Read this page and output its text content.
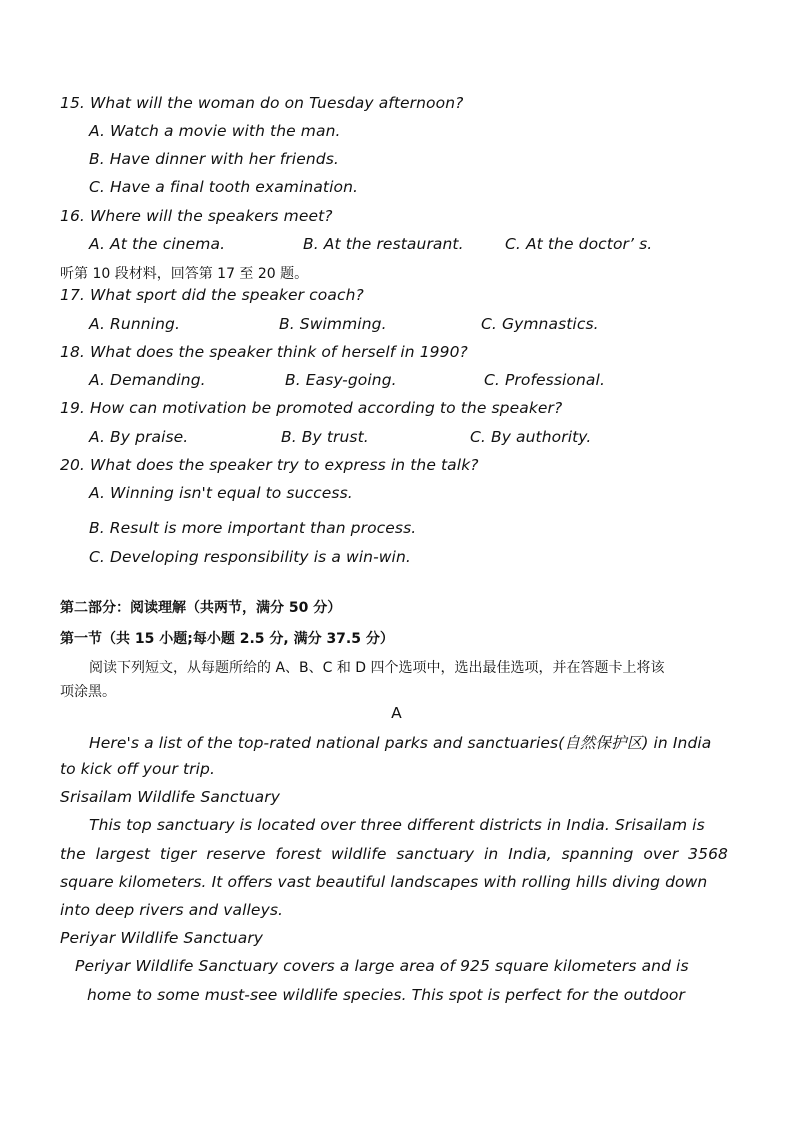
15. What will the woman do on Tuesday afternoon?
A. Watch a movie with the man.
B. Have dinner with her friends.
C. Have a final tooth examination.
16. Where will the speakers meet?
A. At the cinema.	B. At the restaurant.	C. At the doctor’ s.
听第 10 段材料，回答第 17 至 20 题。
17. What sport did the speaker coach?
A. Running.	B. Swimming.	C. Gymnastics.
18. What does the speaker think of herself in 1990?
A. Demanding.	B. Easy-going.	C. Professional.
19. How can motivation be promoted according to the speaker?
A. By praise.	B. By trust.	C. By authority.
20. What does the speaker try to express in the talk?
A. Winning isn't equal to success.
B. Result is more important than process.
C. Developing responsibility is a win-win.
第二部分：阅读理解（共两节，满分 50 分）
第一节（共 15 小题;每小题 2.5 分, 满分 37.5 分）
阅读下列短文，从每题所给的 A、B、C 和 D 四个选项中，选出最佳选项，并在答题卡上将该
项涂黑。
A
Here's a list of the top-rated national parks and sanctuaries(自然保护区) in India
to kick off your trip.
Srisailam Wildlife Sanctuary
This top sanctuary is located over three different districts in India. Srisailam is
the largest tiger reserve forest wildlife sanctuary in India, spanning over 3568
square kilometers. It offers vast beautiful landscapes with rolling hills diving down
into deep rivers and valleys.
Periyar Wildlife Sanctuary
Periyar Wildlife Sanctuary covers a large area of 925 square kilometers and is
home to some must-see wildlife species. This spot is perfect for the outdoor
